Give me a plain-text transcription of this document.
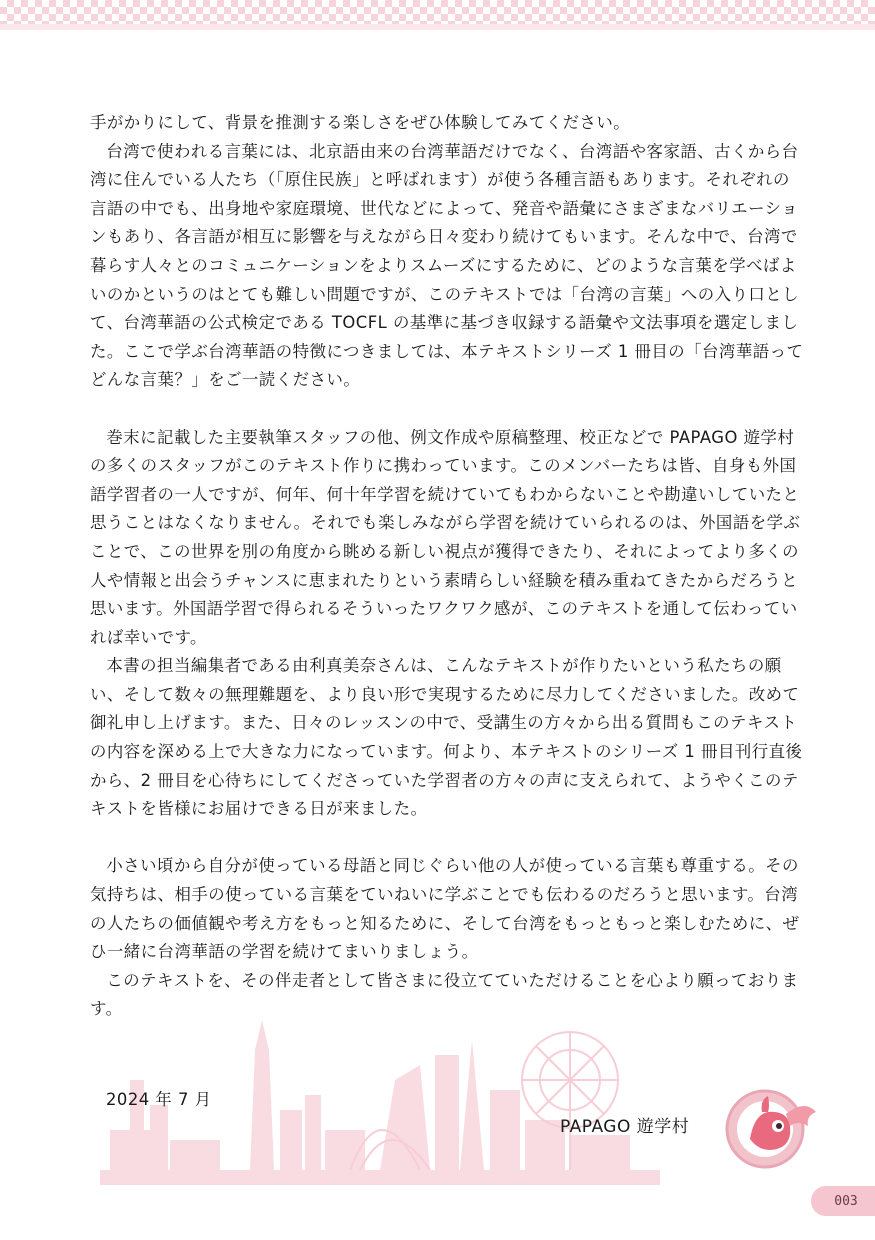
手がかりにして、背景を推測する楽しさをぜひ体験してみてください。

台湾で使われる言葉には、北京語由来の台湾華語だけでなく、台湾語や客家語、古くから台湾に住んでいる人たち（「原住民族」と呼ばれます）が使う各種言語もあります。それぞれの言語の中でも、出身地や家庭環境、世代などによって、発音や語彙にさまざまなバリエーションもあり、各言語が相互に影響を与えながら日々変わり続けてもいます。そんな中で、台湾で暮らす人々とのコミュニケーションをよりスムーズにするために、どのような言葉を学べばよいのかというのはとても難しい問題ですが、このテキストでは「台湾の言葉」への入り口として、台湾華語の公式検定である TOCFL の基準に基づき収録する語彙や文法事項を選定しました。ここで学ぶ台湾華語の特徴につきましては、本テキストシリーズ 1 冊目の「台湾華語ってどんな言葉？」をご一読ください。

巻末に記載した主要執筆スタッフの他、例文作成や原稿整理、校正などで PAPAGO 遊学村の多くのスタッフがこのテキスト作りに携わっています。このメンバーたちは皆、自身も外国語学習者の一人ですが、何年、何十年学習を続けていてもわからないことや勘違いしていたと思うことはなくなりません。それでも楽しみながら学習を続けていられるのは、外国語を学ぶことで、この世界を別の角度から眺める新しい視点が獲得できたり、それによってより多くの人や情報と出会うチャンスに恵まれたりという素晴らしい経験を積み重ねてきたからだろうと思います。外国語学習で得られるそういったワクワク感が、このテキストを通して伝わっていれば幸いです。

本書の担当編集者である由利真美奈さんは、こんなテキストが作りたいという私たちの願い、そして数々の無理難題を、より良い形で実現するために尽力してくださいました。改めて御礼申し上げます。また、日々のレッスンの中で、受講生の方々から出る質問もこのテキストの内容を深める上で大きな力になっています。何より、本テキストのシリーズ 1 冊目刊行直後から、2 冊目を心待ちにしてくださっていた学習者の方々の声に支えられて、ようやくこのテキストを皆様にお届けできる日が来ました。

小さい頃から自分が使っている母語と同じぐらい他の人が使っている言葉も尊重する。その気持ちは、相手の使っている言葉をていねいに学ぶことでも伝わるのだろうと思います。台湾の人たちの価値観や考え方をもっと知るために、そして台湾をもっともっと楽しむために、ぜひ一緒に台湾華語の学習を続けてまいりましょう。

このテキストを、その伴走者として皆さまに役立てていただけることを心より願っております。

2024 年 7 月
PAPAGO 遊学村
003
